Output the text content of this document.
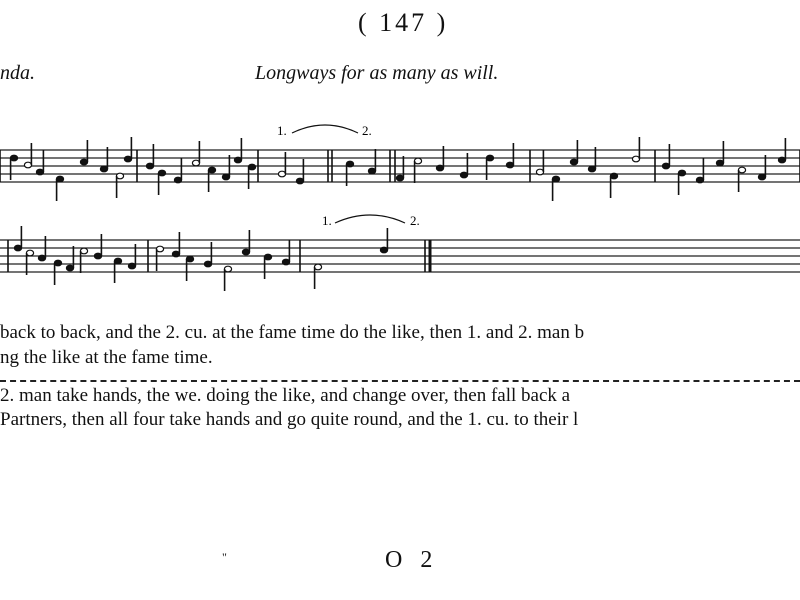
( 147 )
nda.	Longways for as many as will.
1.	2.
1.	2.
back to back, and the 2. cu. at the fame time do the like, then 1. and 2. man b
ng the like at the fame time.
2. man take hands, the we. doing the like, and change over, then fall back a
Partners, then all four take hands and go quite round, and the 1. cu. to their l
"	O 2
